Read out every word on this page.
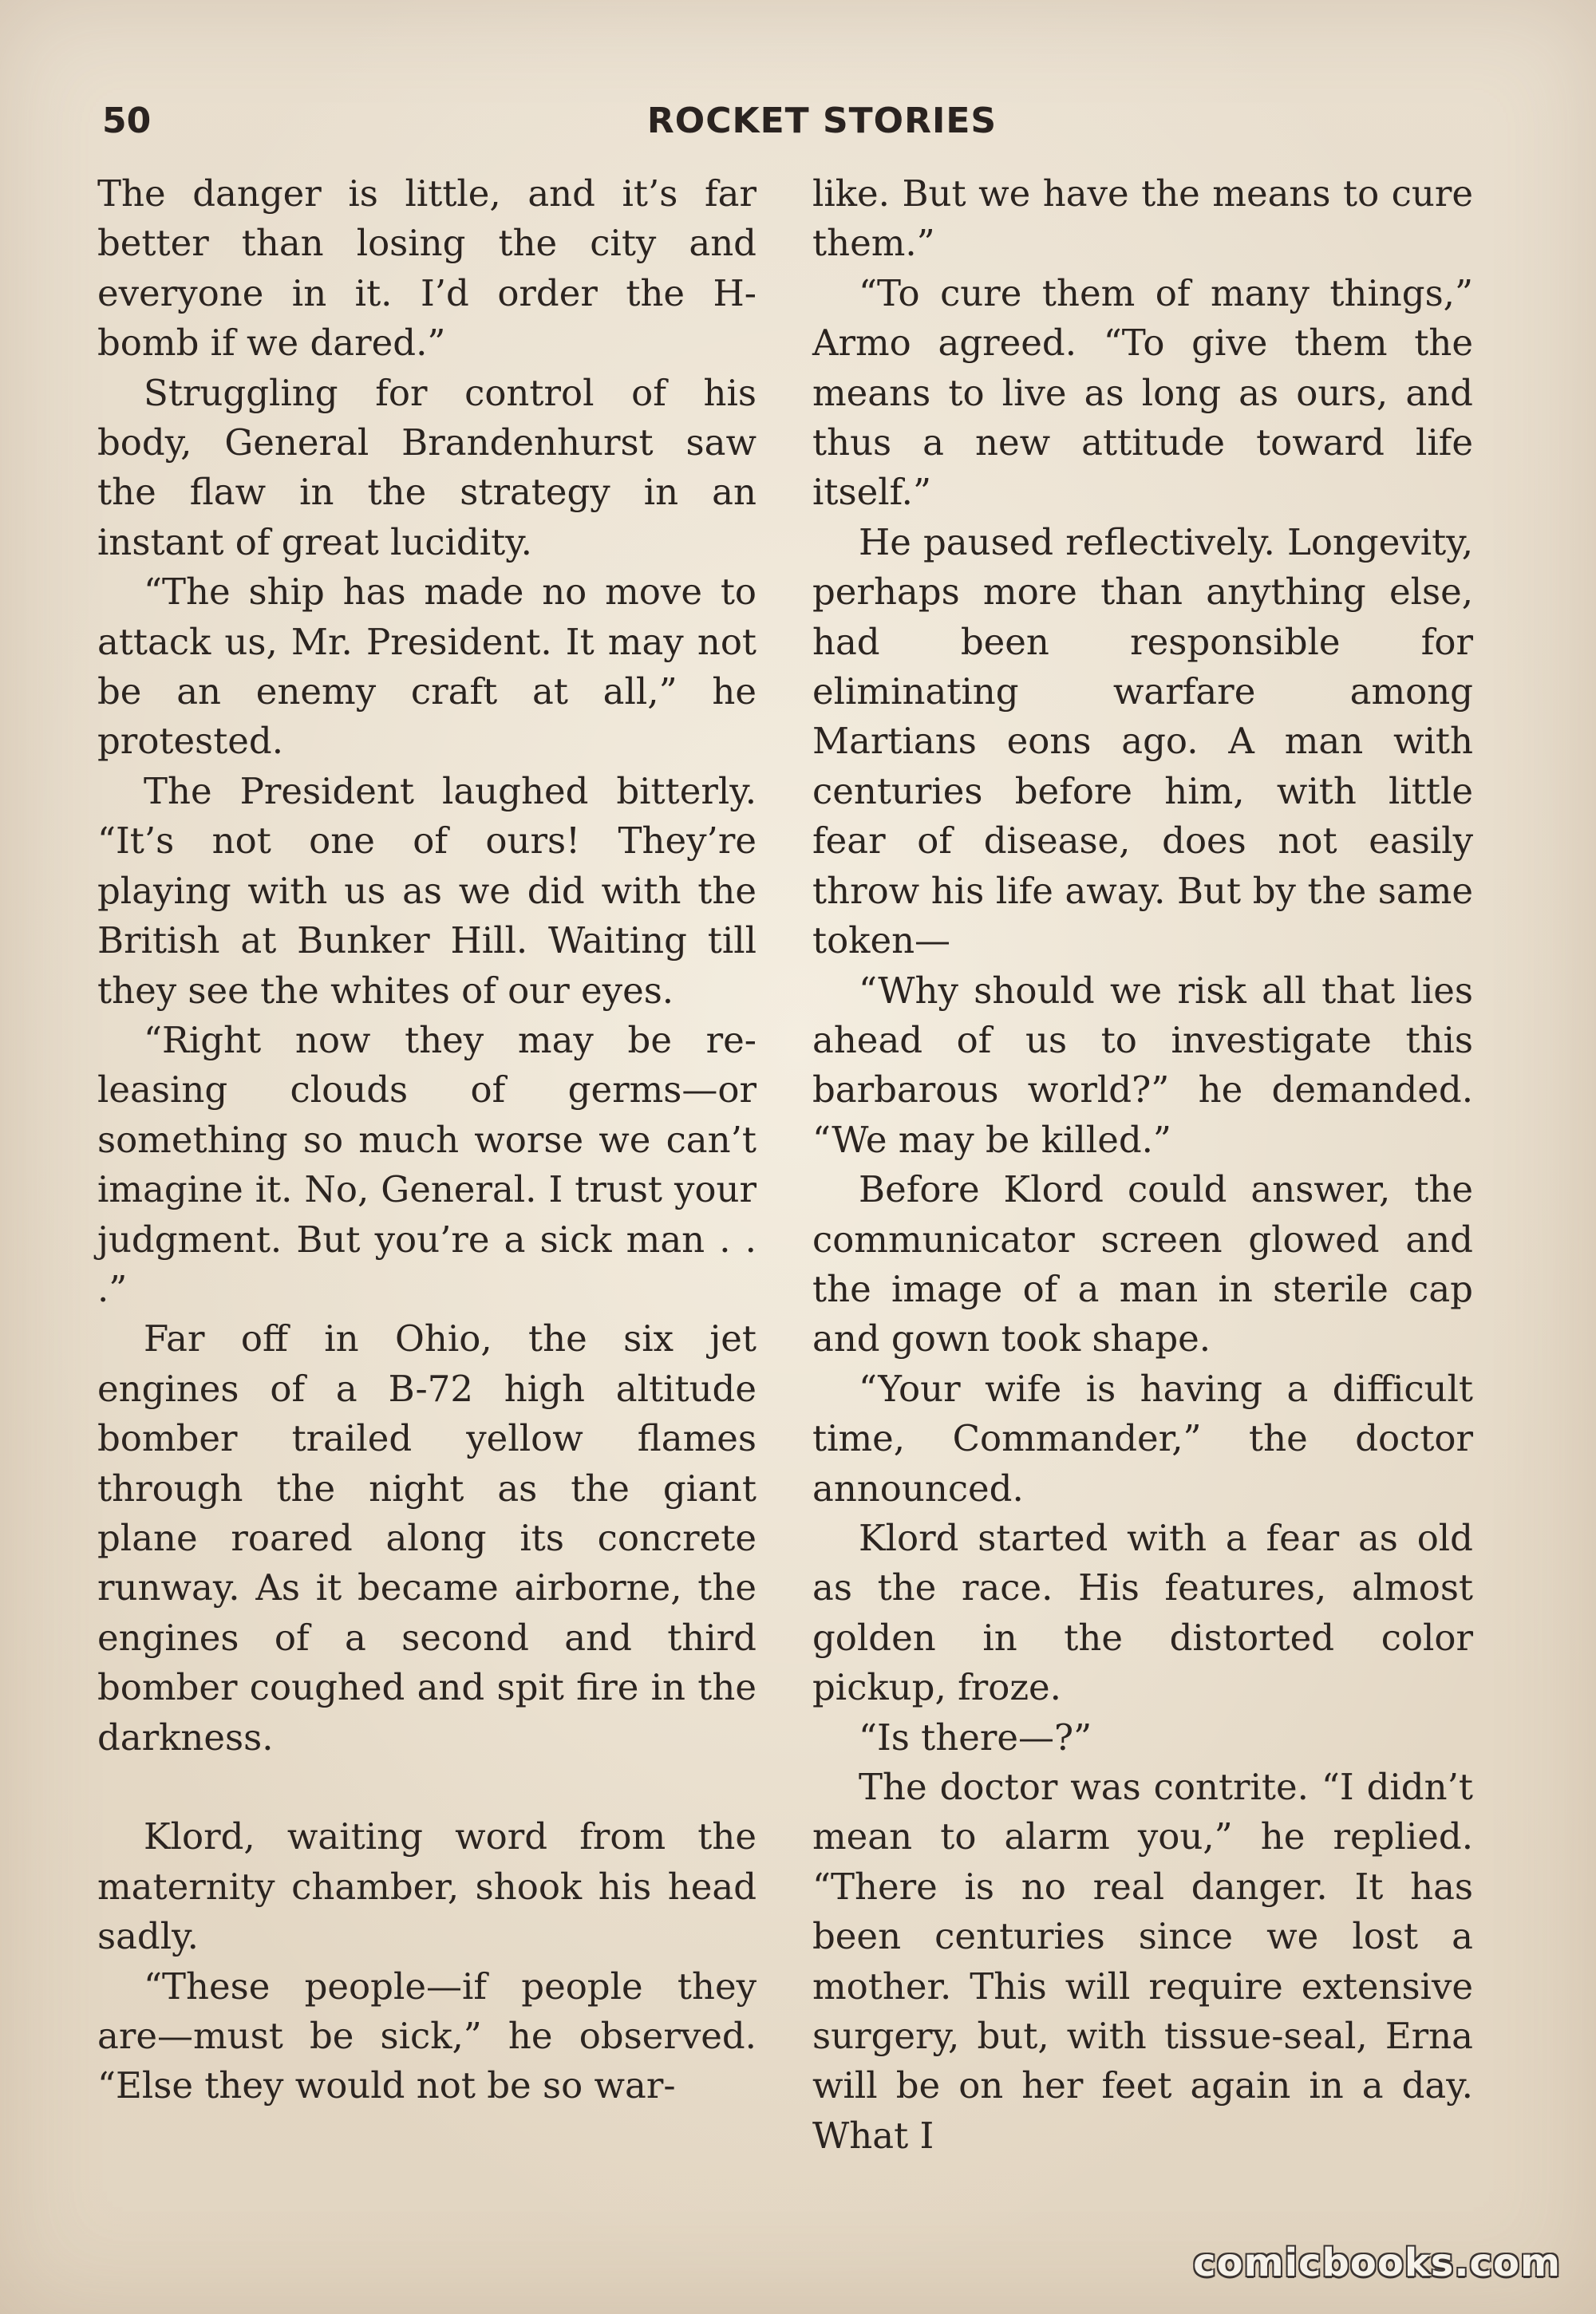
50	ROCKET STORIES

The danger is little, and it’s far better than losing the city and everyone in it. I’d order the H-bomb if we dared.”

Struggling for control of his body, General Brandenhurst saw the flaw in the strategy in an instant of great lucidity.

“The ship has made no move to attack us, Mr. President. It may not be an enemy craft at all,” he protested.

The President laughed bitterly. “It’s not one of ours! They’re playing with us as we did with the British at Bunker Hill. Waiting till they see the whites of our eyes.

“Right now they may be releasing clouds of germs—or something so much worse we can’t imagine it. No, General. I trust your judgment. But you’re a sick man . . .”

Far off in Ohio, the six jet engines of a B-72 high altitude bomber trailed yellow flames through the night as the giant plane roared along its concrete runway. As it became airborne, the engines of a second and third bomber coughed and spit fire in the darkness.

Klord, waiting word from the maternity chamber, shook his head sadly.

“These people—if people they are—must be sick,” he observed. “Else they would not be so war-

like. But we have the means to cure them.”

“To cure them of many things,” Armo agreed. “To give them the means to live as long as ours, and thus a new attitude toward life itself.”

He paused reflectively. Longevity, perhaps more than anything else, had been responsible for eliminating warfare among Martians eons ago. A man with centuries before him, with little fear of disease, does not easily throw his life away. But by the same token—

“Why should we risk all that lies ahead of us to investigate this barbarous world?” he demanded. “We may be killed.”

Before Klord could answer, the communicator screen glowed and the image of a man in sterile cap and gown took shape.

“Your wife is having a difficult time, Commander,” the doctor announced.

Klord started with a fear as old as the race. His features, almost golden in the distorted color pickup, froze.

“Is there—?”

The doctor was contrite. “I didn’t mean to alarm you,” he replied. “There is no real danger. It has been centuries since we lost a mother. This will require extensive surgery, but, with tissue-seal, Erna will be on her feet again in a day. What I

comicbooks.com
